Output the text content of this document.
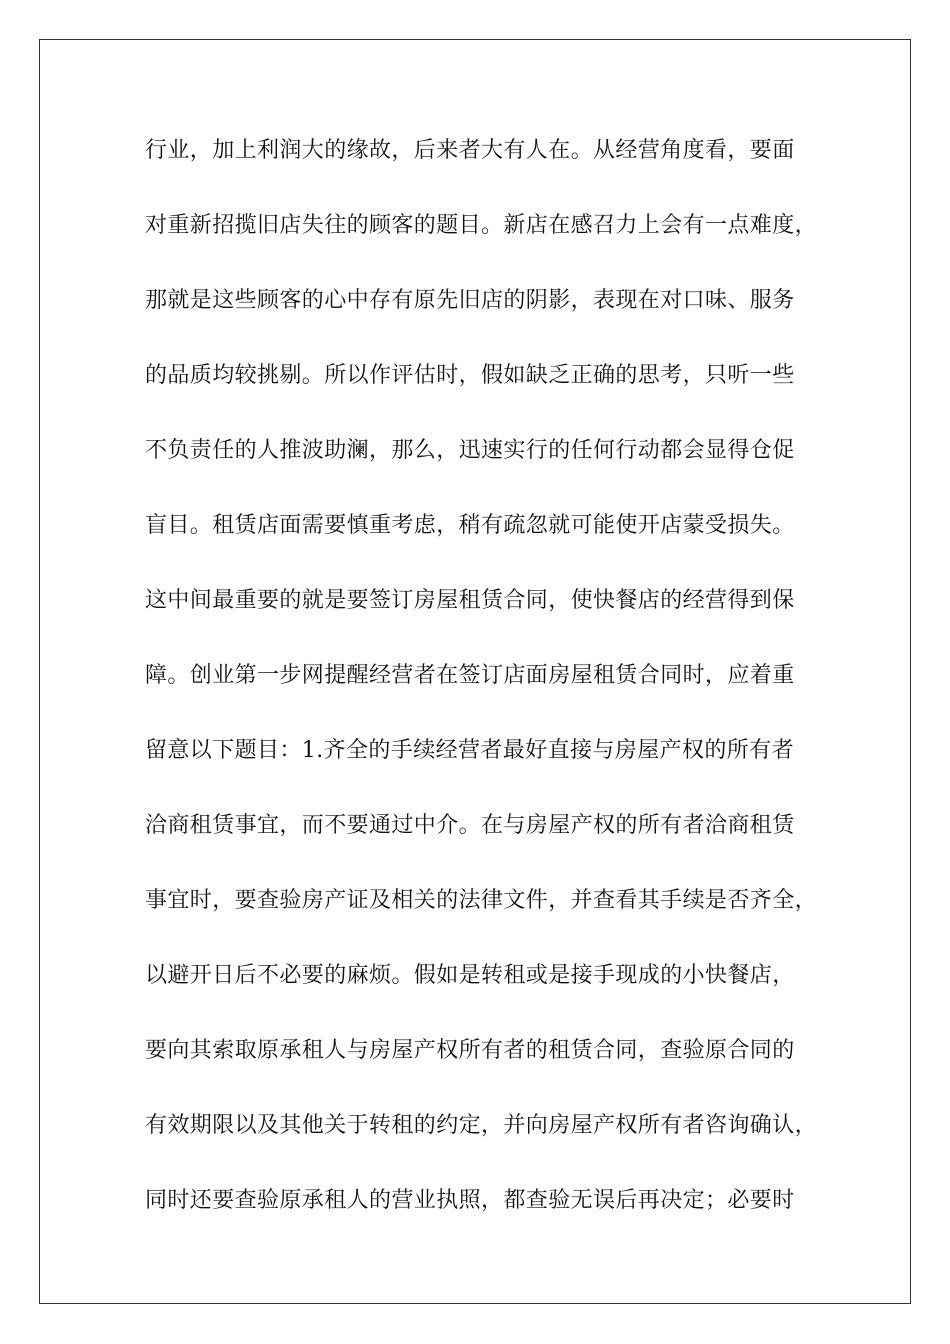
行业，加上利润大的缘故，后来者大有人在。从经营角度看，要面
对重新招揽旧店失往的顾客的题目。新店在感召力上会有一点难度，
那就是这些顾客的心中存有原先旧店的阴影，表现在对口味、服务
的品质均较挑剔。所以作评估时，假如缺乏正确的思考，只听一些
不负责任的人推波助澜，那么，迅速实行的任何行动都会显得仓促
盲目。租赁店面需要慎重考虑，稍有疏忽就可能使开店蒙受损失。
这中间最重要的就是要签订房屋租赁合同，使快餐店的经营得到保
障。创业第一步网提醒经营者在签订店面房屋租赁合同时，应着重
留意以下题目：1.齐全的手续经营者最好直接与房屋产权的所有者
洽商租赁事宜，而不要通过中介。在与房屋产权的所有者洽商租赁
事宜时，要查验房产证及相关的法律文件，并查看其手续是否齐全，
以避开日后不必要的麻烦。假如是转租或是接手现成的小快餐店，
要向其索取原承租人与房屋产权所有者的租赁合同，查验原合同的
有效期限以及其他关于转租的约定，并向房屋产权所有者咨询确认，
同时还要查验原承租人的营业执照，都查验无误后再决定；必要时
